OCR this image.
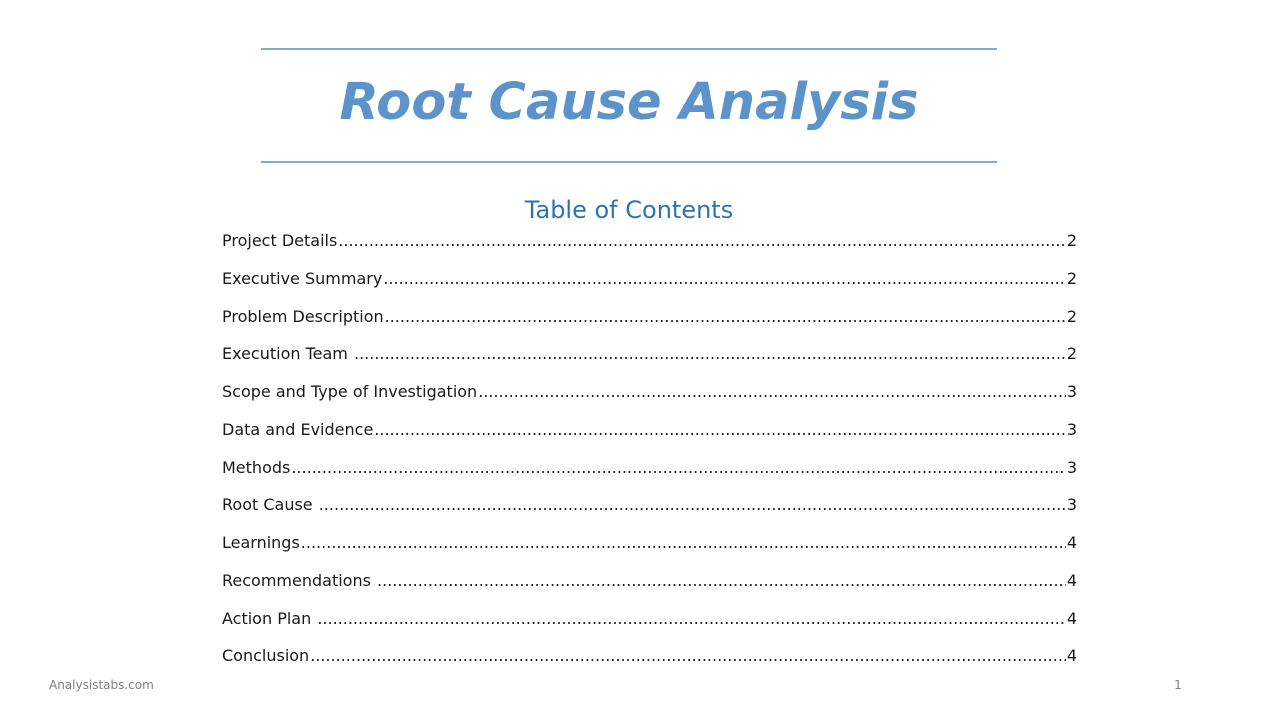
Root Cause Analysis
Table of Contents
Project Details .....	2
Executive Summary .....	2
Problem Description .....	2
Execution Team .....	2
Scope and Type of Investigation .....	3
Data and Evidence .....	3
Methods .....	3
Root Cause .....	3
Learnings .....	4
Recommendations .....	4
Action Plan .....	4
Conclusion .....	4
Analysistabs.com	1
